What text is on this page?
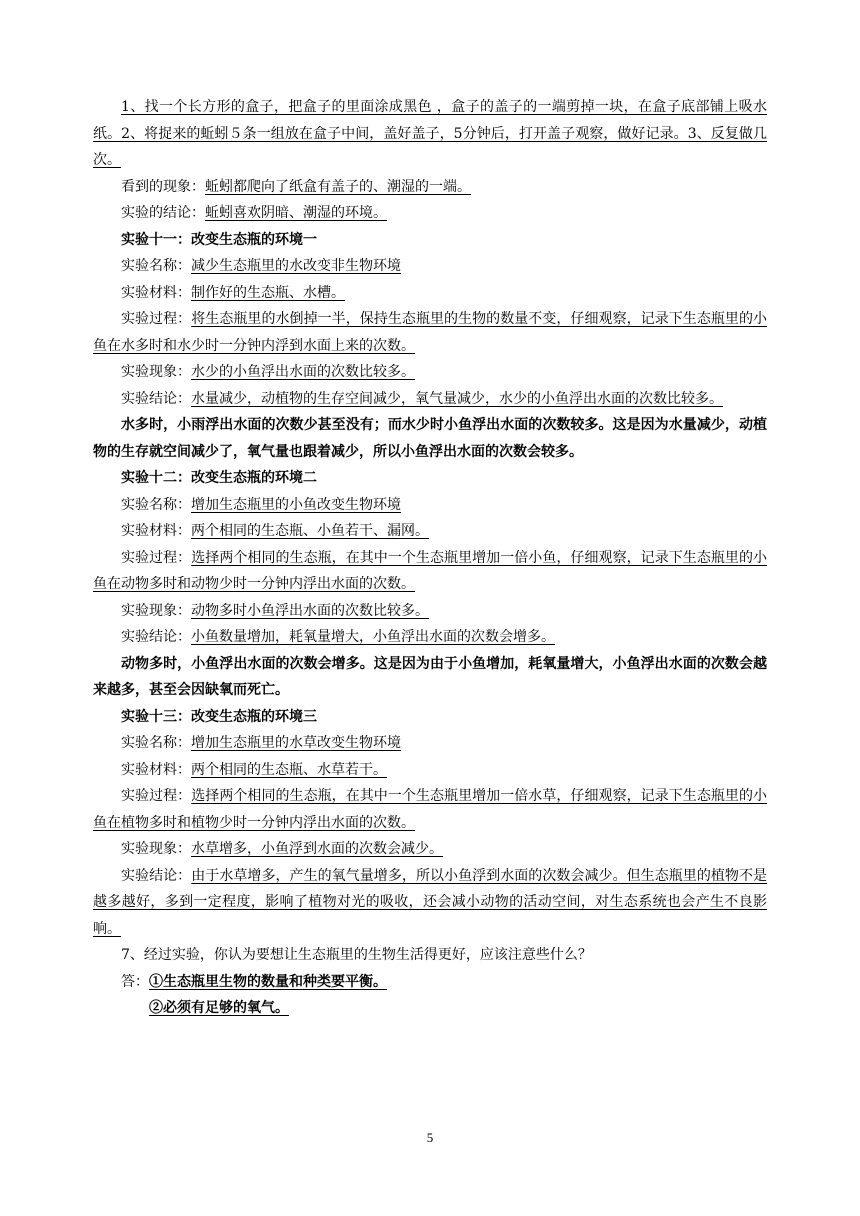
1、找一个长方形的盒子，把盒子的里面涂成黑色 ，盒子的盖子的一端剪掉一块，在盒子底部铺上吸水纸。2、将捉来的蚯蚓５条一组放在盒子中间，盖好盖子，5分钟后，打开盖子观察，做好记录。3、反复做几次。

看到的现象：蚯蚓都爬向了纸盒有盖子的、潮湿的一端。

实验的结论：蚯蚓喜欢阴暗、潮湿的环境。

实验十一：改变生态瓶的环境一

实验名称：减少生态瓶里的水改变非生物环境

实验材料：制作好的生态瓶、水槽。

实验过程：将生态瓶里的水倒掉一半，保持生态瓶里的生物的数量不变，仔细观察，记录下生态瓶里的小鱼在水多时和水少时一分钟内浮到水面上来的次数。

实验现象：水少的小鱼浮出水面的次数比较多。

实验结论：水量减少，动植物的生存空间减少，氧气量减少，水少的小鱼浮出水面的次数比较多。

水多时，小雨浮出水面的次数少甚至没有；而水少时小鱼浮出水面的次数较多。这是因为水量减少，动植物的生存就空间减少了，氧气量也跟着减少，所以小鱼浮出水面的次数会较多。

实验十二：改变生态瓶的环境二

实验名称：增加生态瓶里的小鱼改变生物环境

实验材料：两个相同的生态瓶、小鱼若干、漏网。

实验过程：选择两个相同的生态瓶，在其中一个生态瓶里增加一倍小鱼，仔细观察，记录下生态瓶里的小鱼在动物多时和动物少时一分钟内浮出水面的次数。

实验现象：动物多时小鱼浮出水面的次数比较多。

实验结论：小鱼数量增加，耗氧量增大，小鱼浮出水面的次数会增多。

动物多时，小鱼浮出水面的次数会增多。这是因为由于小鱼增加，耗氧量增大，小鱼浮出水面的次数会越来越多，甚至会因缺氧而死亡。

实验十三：改变生态瓶的环境三

实验名称：增加生态瓶里的水草改变生物环境

实验材料：两个相同的生态瓶、水草若干。

实验过程：选择两个相同的生态瓶，在其中一个生态瓶里增加一倍水草，仔细观察，记录下生态瓶里的小鱼在植物多时和植物少时一分钟内浮出水面的次数。

实验现象：水草增多，小鱼浮到水面的次数会减少。

实验结论：由于水草增多，产生的氧气量增多，所以小鱼浮到水面的次数会减少。但生态瓶里的植物不是越多越好，多到一定程度，影响了植物对光的吸收，还会减小动物的活动空间，对生态系统也会产生不良影响。

7、经过实验，你认为要想让生态瓶里的生物生活得更好，应该注意些什么？

答：①生态瓶里生物的数量和种类要平衡。

②必须有足够的氧气。

5
